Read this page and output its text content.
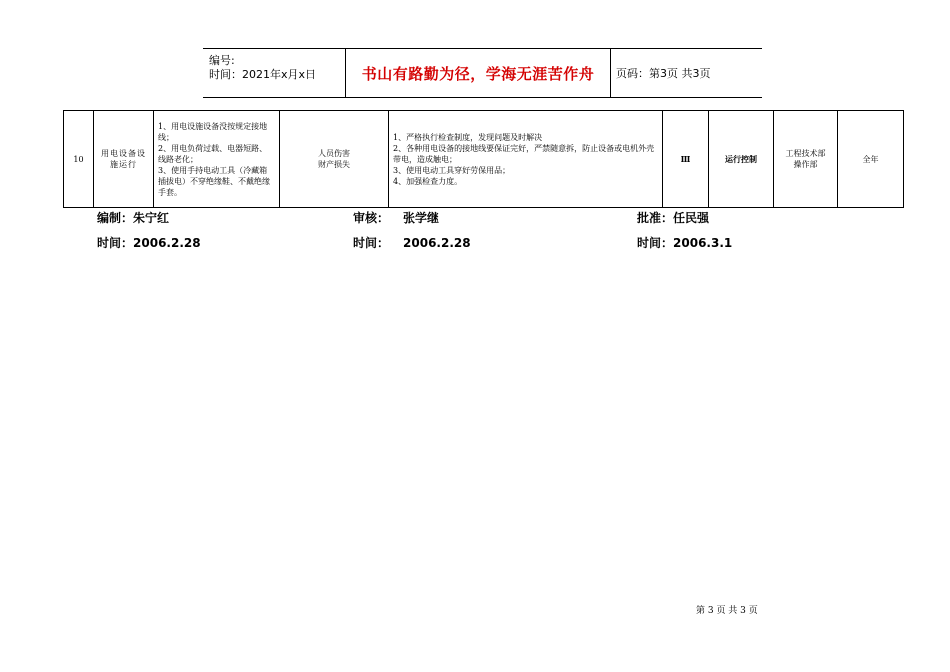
编号:
时间：2021年x月x日	书山有路勤为径，学海无涯苦作舟 页码：第3页 共3页
10	用电设备设施运行	1、用电设施设备没按规定接地线；
2、用电负荷过载、电器短路、线路老化；
3、使用手持电动工具（冷藏箱插拔电）不穿绝缘鞋、不戴绝缘手套。	人员伤害
财产损失	1、严格执行检查制度，发现问题及时解决
2、各种用电设备的接地线要保证完好，严禁随意拆，防止设备或电机外壳带电，造成触电；
3、使用电动工具穿好劳保用品；
4、加强检查力度。	Ⅲ	运行控制	工程技术部
操作部	全年
编制：朱宁红	审核： 张学继	批准：任民强
时间：2006.2.28	时间： 2006.2.28	时间：2006.3.1
第 3 页 共 3 页
